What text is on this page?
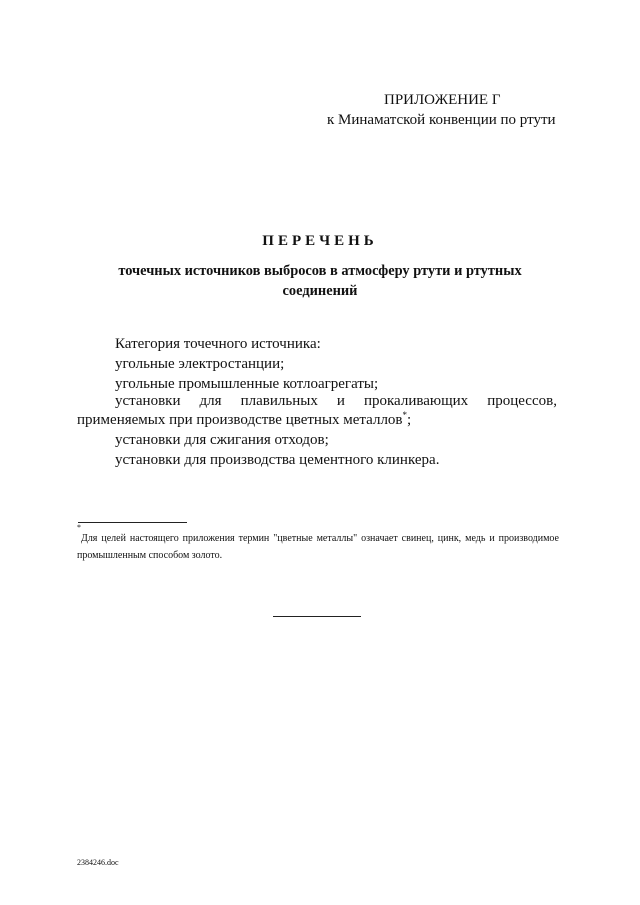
ПРИЛОЖЕНИЕ Г
к Минаматской конвенции по ртути
ПЕРЕЧЕНЬ
точечных источников выбросов в атмосферу ртути и ртутных соединений
Категория точечного источника:
угольные электростанции;
угольные промышленные котлоагрегаты;
установки для плавильных и прокаливающих процессов,
применяемых при производстве цветных металлов*;
установки для сжигания отходов;
установки для производства цементного клинкера.
*Для целей настоящего приложения термин "цветные металлы" означает свинец, цинк, медь и производимое промышленным способом золото.
2384246.doc
